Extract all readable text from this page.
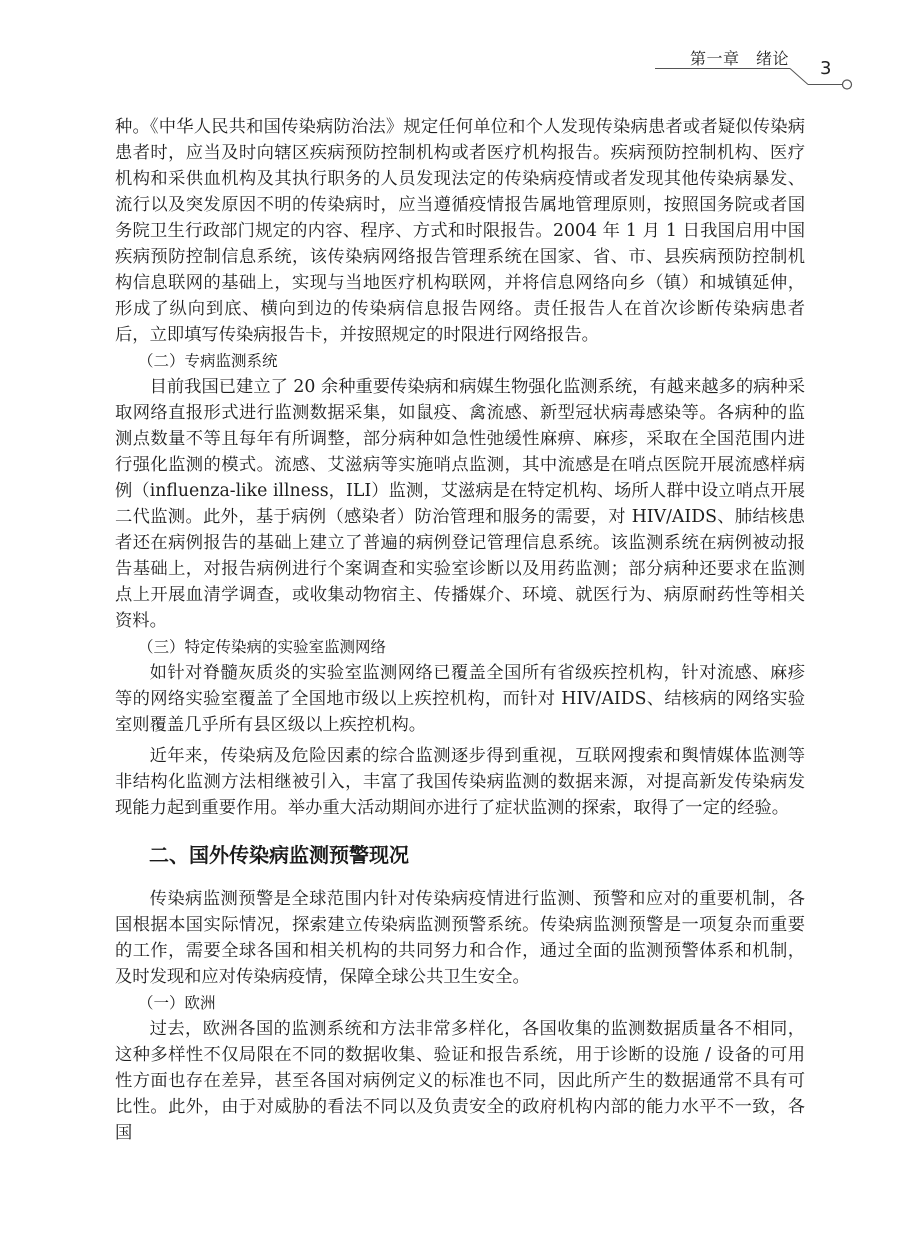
第一章　绪论 3

种。《中华人民共和国传染病防治法》规定任何单位和个人发现传染病患者或者疑似传染病患者时，应当及时向辖区疾病预防控制机构或者医疗机构报告。疾病预防控制机构、医疗机构和采供血机构及其执行职务的人员发现法定的传染病疫情或者发现其他传染病暴发、流行以及突发原因不明的传染病时，应当遵循疫情报告属地管理原则，按照国务院或者国务院卫生行政部门规定的内容、程序、方式和时限报告。2004 年 1 月 1 日我国启用中国疾病预防控制信息系统，该传染病网络报告管理系统在国家、省、市、县疾病预防控制机构信息联网的基础上，实现与当地医疗机构联网，并将信息网络向乡（镇）和城镇延伸，形成了纵向到底、横向到边的传染病信息报告网络。责任报告人在首次诊断传染病患者后，立即填写传染病报告卡，并按照规定的时限进行网络报告。

（二）专病监测系统

目前我国已建立了 20 余种重要传染病和病媒生物强化监测系统，有越来越多的病种采取网络直报形式进行监测数据采集，如鼠疫、禽流感、新型冠状病毒感染等。各病种的监测点数量不等且每年有所调整，部分病种如急性弛缓性麻痹、麻疹，采取在全国范围内进行强化监测的模式。流感、艾滋病等实施哨点监测，其中流感是在哨点医院开展流感样病例（influenza-like illness，ILI）监测，艾滋病是在特定机构、场所人群中设立哨点开展二代监测。此外，基于病例（感染者）防治管理和服务的需要，对 HIV/AIDS、肺结核患者还在病例报告的基础上建立了普遍的病例登记管理信息系统。该监测系统在病例被动报告基础上，对报告病例进行个案调查和实验室诊断以及用药监测；部分病种还要求在监测点上开展血清学调查，或收集动物宿主、传播媒介、环境、就医行为、病原耐药性等相关资料。

（三）特定传染病的实验室监测网络

如针对脊髓灰质炎的实验室监测网络已覆盖全国所有省级疾控机构，针对流感、麻疹等的网络实验室覆盖了全国地市级以上疾控机构，而针对 HIV/AIDS、结核病的网络实验室则覆盖几乎所有县区级以上疾控机构。

近年来，传染病及危险因素的综合监测逐步得到重视，互联网搜索和舆情媒体监测等非结构化监测方法相继被引入，丰富了我国传染病监测的数据来源，对提高新发传染病发现能力起到重要作用。举办重大活动期间亦进行了症状监测的探索，取得了一定的经验。

二、国外传染病监测预警现况

传染病监测预警是全球范围内针对传染病疫情进行监测、预警和应对的重要机制，各国根据本国实际情况，探索建立传染病监测预警系统。传染病监测预警是一项复杂而重要的工作，需要全球各国和相关机构的共同努力和合作，通过全面的监测预警体系和机制，及时发现和应对传染病疫情，保障全球公共卫生安全。

（一）欧洲

过去，欧洲各国的监测系统和方法非常多样化，各国收集的监测数据质量各不相同，这种多样性不仅局限在不同的数据收集、验证和报告系统，用于诊断的设施 / 设备的可用性方面也存在差异，甚至各国对病例定义的标准也不同，因此所产生的数据通常不具有可比性。此外，由于对威胁的看法不同以及负责安全的政府机构内部的能力水平不一致，各国
